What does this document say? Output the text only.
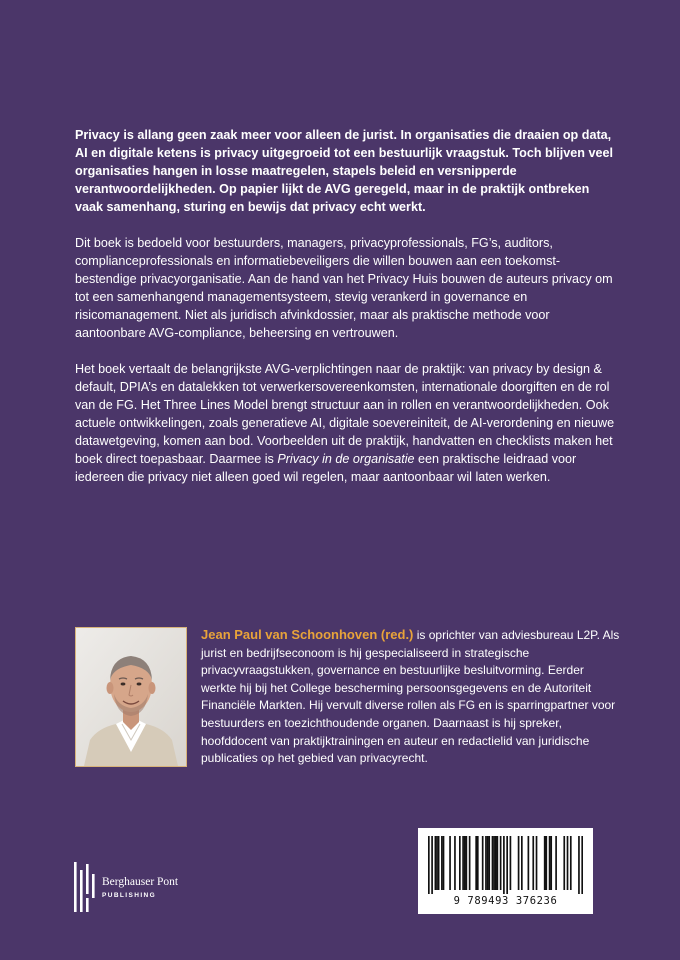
Privacy is allang geen zaak meer voor alleen de jurist. In organisaties die draaien op data, AI en digitale ketens is privacy uitgegroeid tot een bestuurlijk vraagstuk. Toch blijven veel organisaties hangen in losse maatregelen, stapels beleid en versnipperde verantwoordelijkheden. Op papier lijkt de AVG geregeld, maar in de praktijk ontbreken vaak samenhang, sturing en bewijs dat privacy echt werkt.

Dit boek is bedoeld voor bestuurders, managers, privacyprofessionals, FG’s, auditors, complianceprofessionals en informatiebeveiligers die willen bouwen aan een toekomst-bestendige privacyorganisatie. Aan de hand van het Privacy Huis bouwen de auteurs privacy om tot een samenhangend managementsysteem, stevig verankerd in governance en risicomanagement. Niet als juridisch afvinkdossier, maar als praktische methode voor aantoonbare AVG-compliance, beheersing en vertrouwen.

Het boek vertaalt de belangrijkste AVG-verplichtingen naar de praktijk: van privacy by design & default, DPIA’s en datalekken tot verwerkersovereenkomsten, internationale doorgiften en de rol van de FG. Het Three Lines Model brengt structuur aan in rollen en verantwoordelijkheden. Ook actuele ontwikkelingen, zoals generatieve AI, digitale soevereiniteit, de AI-verordening en nieuwe datawetgeving, komen aan bod. Voorbeelden uit de praktijk, handvatten en checklists maken het boek direct toepasbaar. Daarmee is Privacy in de organisatie een praktische leidraad voor iedereen die privacy niet alleen goed wil regelen, maar aantoonbaar wil laten werken.

Jean Paul van Schoonhoven (red.) is oprichter van adviesbureau L2P. Als jurist en bedrijfseconoom is hij gespecialiseerd in strategische privacyvraagstukken, governance en bestuurlijke besluitvorming. Eerder werkte hij bij het College bescherming persoonsgegevens en de Autoriteit Financiële Markten. Hij vervult diverse rollen als FG en is sparringpartner voor bestuurders en toezichthoudende organen. Daarnaast is hij spreker, hoofddocent van praktijktrainingen en auteur en redactielid van juridische publicaties op het gebied van privacyrecht.
Berghauser Pont
PUBLISHING	9 789493 376236
